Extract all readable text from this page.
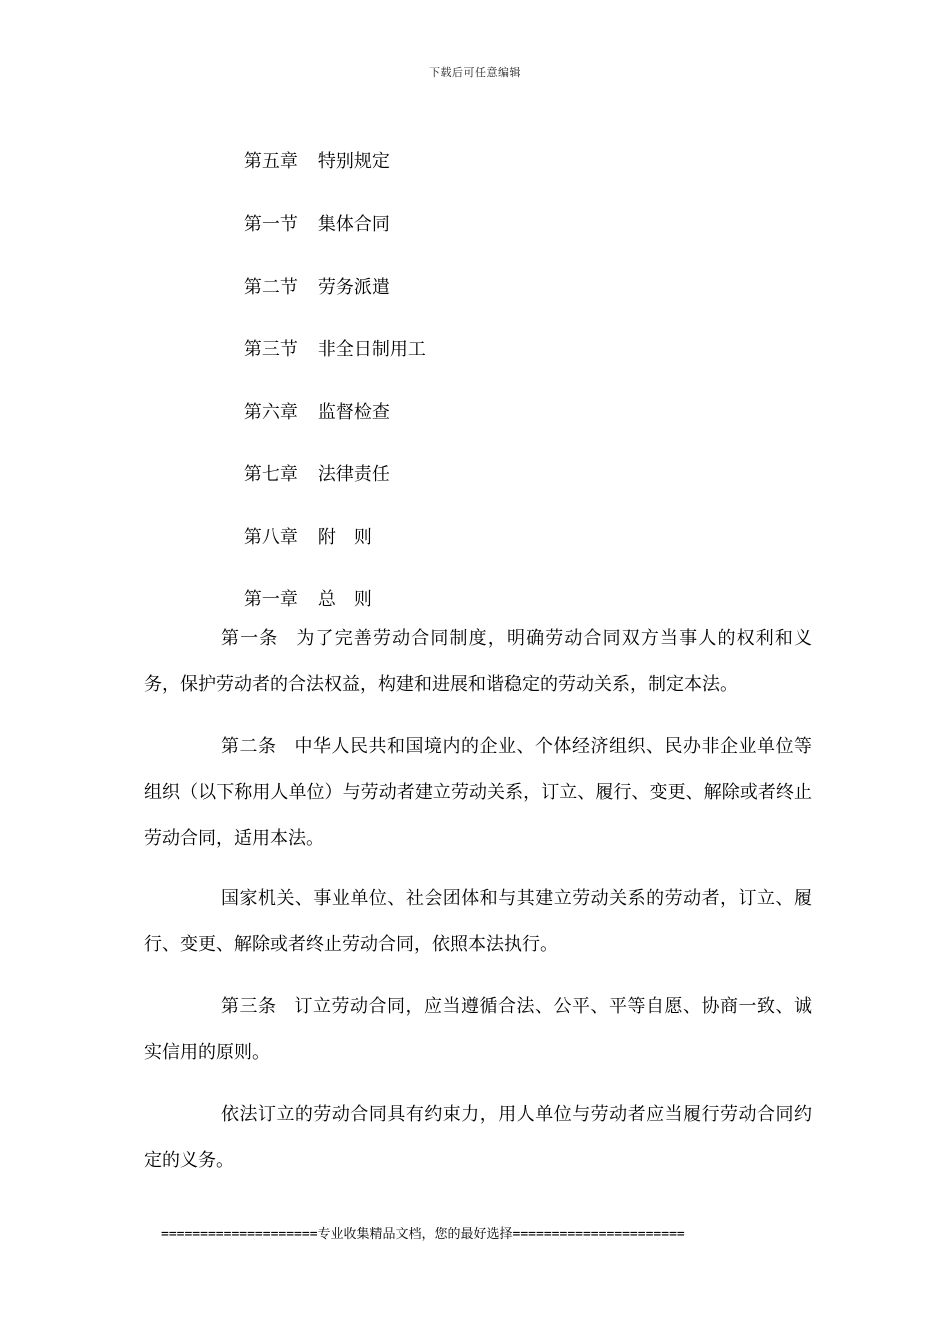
下载后可任意编辑

第五章 特别规定

第一节 集体合同

第二节 劳务派遣

第三节 非全日制用工

第六章 监督检查

第七章 法律责任

第八章 附　则

第一章 总　则

第一条 为了完善劳动合同制度，明确劳动合同双方当事人的权利和义务，保护劳动者的合法权益，构建和进展和谐稳定的劳动关系，制定本法。

第二条 中华人民共和国境内的企业、个体经济组织、民办非企业单位等组织（以下称用人单位）与劳动者建立劳动关系，订立、履行、变更、解除或者终止劳动合同，适用本法。

国家机关、事业单位、社会团体和与其建立劳动关系的劳动者，订立、履行、变更、解除或者终止劳动合同，依照本法执行。

第三条 订立劳动合同，应当遵循合法、公平、平等自愿、协商一致、诚实信用的原则。

依法订立的劳动合同具有约束力，用人单位与劳动者应当履行劳动合同约定的义务。

====================专业收集精品文档，您的最好选择======================
